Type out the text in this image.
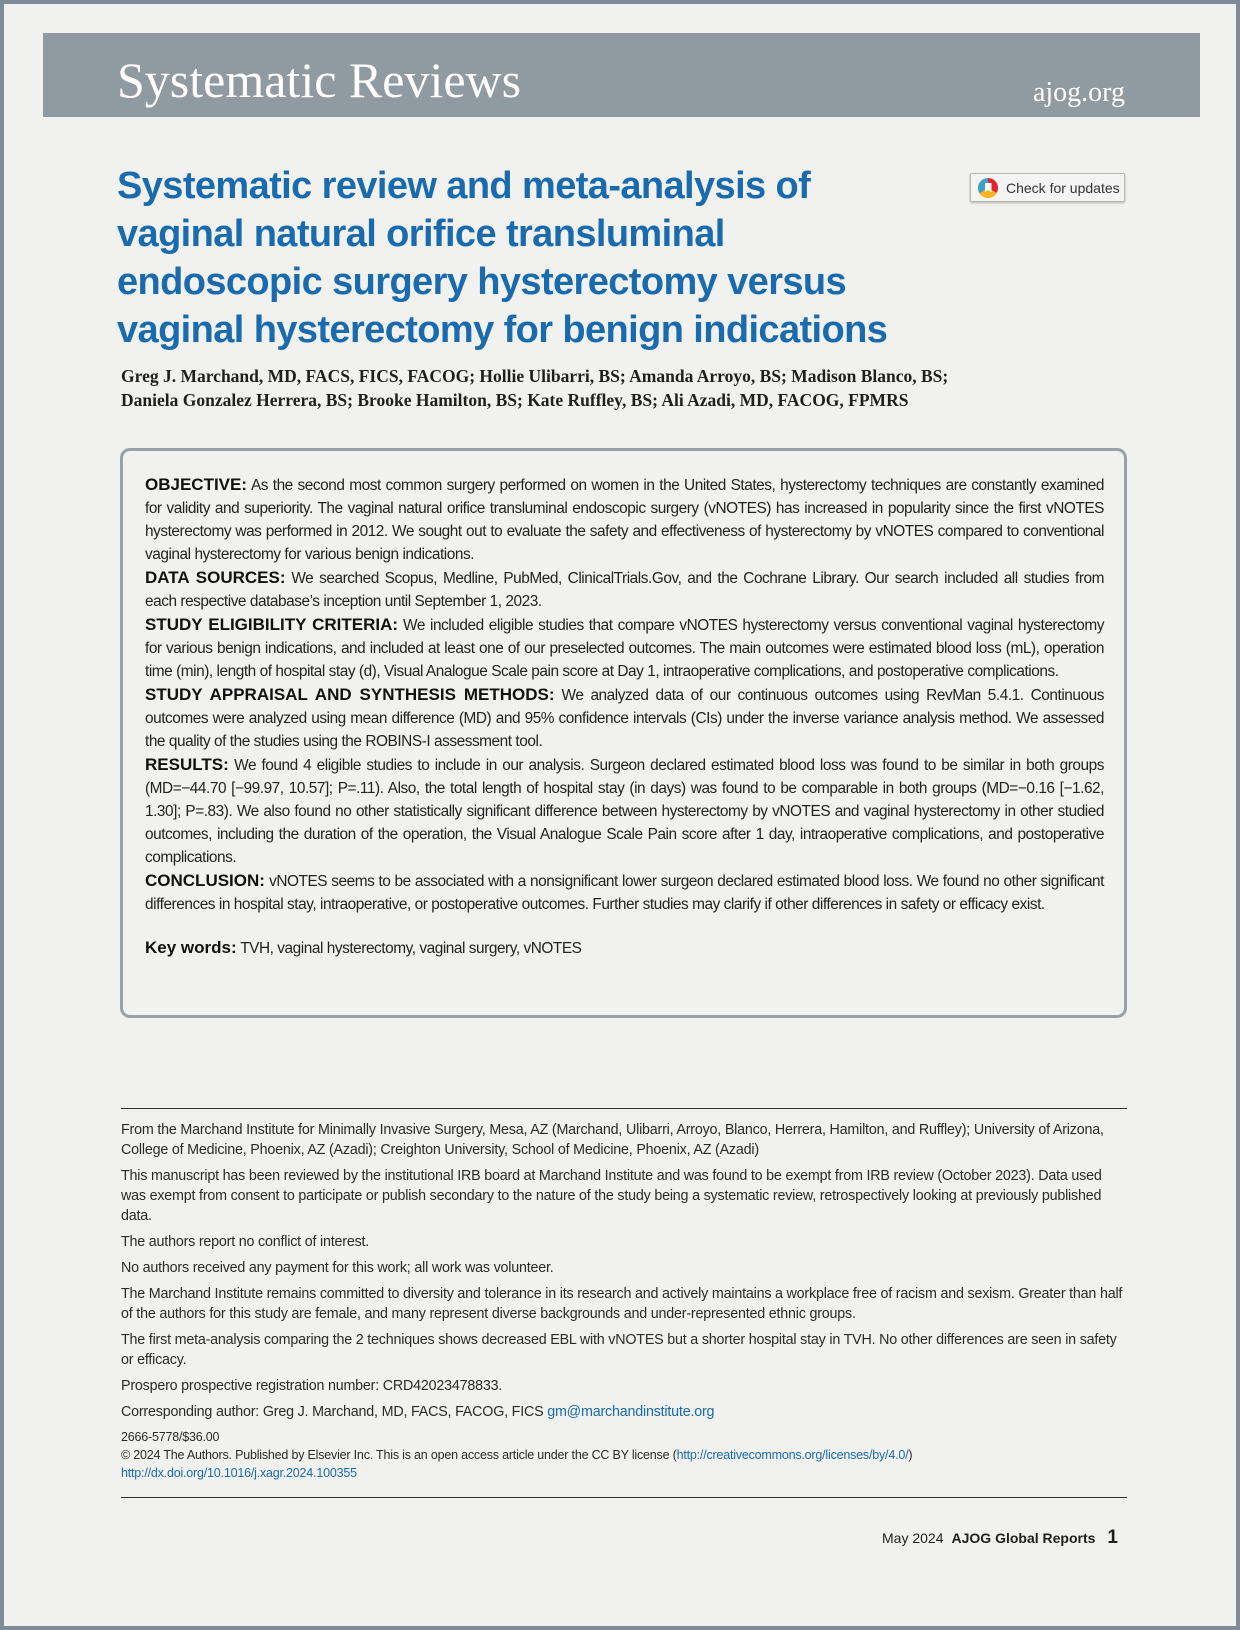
Systematic Reviews	ajog.org
Systematic review and meta-analysis of vaginal natural orifice transluminal endoscopic surgery hysterectomy versus vaginal hysterectomy for benign indications
Check for updates

Greg J. Marchand, MD, FACS, FICS, FACOG; Hollie Ulibarri, BS; Amanda Arroyo, BS; Madison Blanco, BS;
Daniela Gonzalez Herrera, BS; Brooke Hamilton, BS; Kate Ruffley, BS; Ali Azadi, MD, FACOG, FPMRS

OBJECTIVE: As the second most common surgery performed on women in the United States, hysterectomy techniques are constantly examined for validity and superiority. The vaginal natural orifice transluminal endoscopic surgery (vNOTES) has increased in popularity since the first vNOTES hysterectomy was performed in 2012. We sought out to evaluate the safety and effectiveness of hysterectomy by vNOTES compared to conventional vaginal hysterectomy for various benign indications.

DATA SOURCES: We searched Scopus, Medline, PubMed, ClinicalTrials.Gov, and the Cochrane Library. Our search included all studies from each respective database’s inception until September 1, 2023.

STUDY ELIGIBILITY CRITERIA: We included eligible studies that compare vNOTES hysterectomy versus conventional vaginal hysterectomy for various benign indications, and included at least one of our preselected outcomes. The main outcomes were estimated blood loss (mL), operation time (min), length of hospital stay (d), Visual Analogue Scale pain score at Day 1, intraoperative complications, and postoperative complications.

STUDY APPRAISAL AND SYNTHESIS METHODS: We analyzed data of our continuous outcomes using RevMan 5.4.1. Continuous outcomes were analyzed using mean difference (MD) and 95% confidence intervals (CIs) under the inverse variance analysis method. We assessed the quality of the studies using the ROBINS-I assessment tool.

RESULTS: We found 4 eligible studies to include in our analysis. Surgeon declared estimated blood loss was found to be similar in both groups (MD=−44.70 [−99.97, 10.57]; P=.11). Also, the total length of hospital stay (in days) was found to be comparable in both groups (MD=−0.16 [−1.62, 1.30]; P=.83). We also found no other statistically significant difference between hysterectomy by vNOTES and vaginal hysterectomy in other studied outcomes, including the duration of the operation, the Visual Analogue Scale Pain score after 1 day, intraoperative complications, and postoperative complications.

CONCLUSION: vNOTES seems to be associated with a nonsignificant lower surgeon declared estimated blood loss. We found no other significant differences in hospital stay, intraoperative, or postoperative outcomes. Further studies may clarify if other differences in safety or efficacy exist.

Key words: TVH, vaginal hysterectomy, vaginal surgery, vNOTES

From the Marchand Institute for Minimally Invasive Surgery, Mesa, AZ (Marchand, Ulibarri, Arroyo, Blanco, Herrera, Hamilton, and Ruffley); University of Arizona, College of Medicine, Phoenix, AZ (Azadi); Creighton University, School of Medicine, Phoenix, AZ (Azadi)

This manuscript has been reviewed by the institutional IRB board at Marchand Institute and was found to be exempt from IRB review (October 2023). Data used was exempt from consent to participate or publish secondary to the nature of the study being a systematic review, retrospectively looking at previously published data.

The authors report no conflict of interest.

No authors received any payment for this work; all work was volunteer.

The Marchand Institute remains committed to diversity and tolerance in its research and actively maintains a workplace free of racism and sexism. Greater than half of the authors for this study are female, and many represent diverse backgrounds and under-represented ethnic groups.

The first meta-analysis comparing the 2 techniques shows decreased EBL with vNOTES but a shorter hospital stay in TVH. No other differences are seen in safety or efficacy.

Prospero prospective registration number: CRD42023478833.

Corresponding author: Greg J. Marchand, MD, FACS, FACOG, FICS gm@marchandinstitute.org

2666-5778/$36.00

© 2024 The Authors. Published by Elsevier Inc. This is an open access article under the CC BY license (http://creativecommons.org/licenses/by/4.0/)

http://dx.doi.org/10.1016/j.xagr.2024.100355

May 2024 AJOG Global Reports 1
